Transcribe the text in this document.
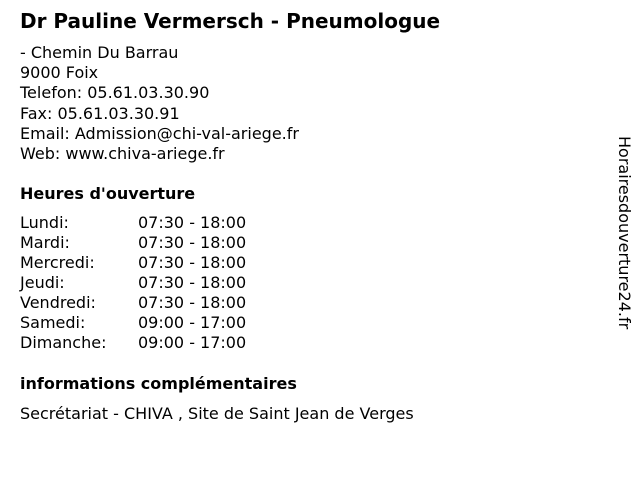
Dr Pauline Vermersch - Pneumologue
- Chemin Du Barrau
9000 Foix
Telefon: 05.61.03.30.90
Fax: 05.61.03.30.91
Email: Admission@chi-val-ariege.fr
Web: www.chiva-ariege.fr
Heures d'ouverture
Lundi:	07:30 - 18:00
Mardi:	07:30 - 18:00
Mercredi:	07:30 - 18:00
Jeudi:	07:30 - 18:00
Vendredi:	07:30 - 18:00
Samedi:	09:00 - 17:00
Dimanche:	09:00 - 17:00
informations complémentaires
Secrétariat - CHIVA , Site de Saint Jean de Verges
Horairesdouverture24.fr
